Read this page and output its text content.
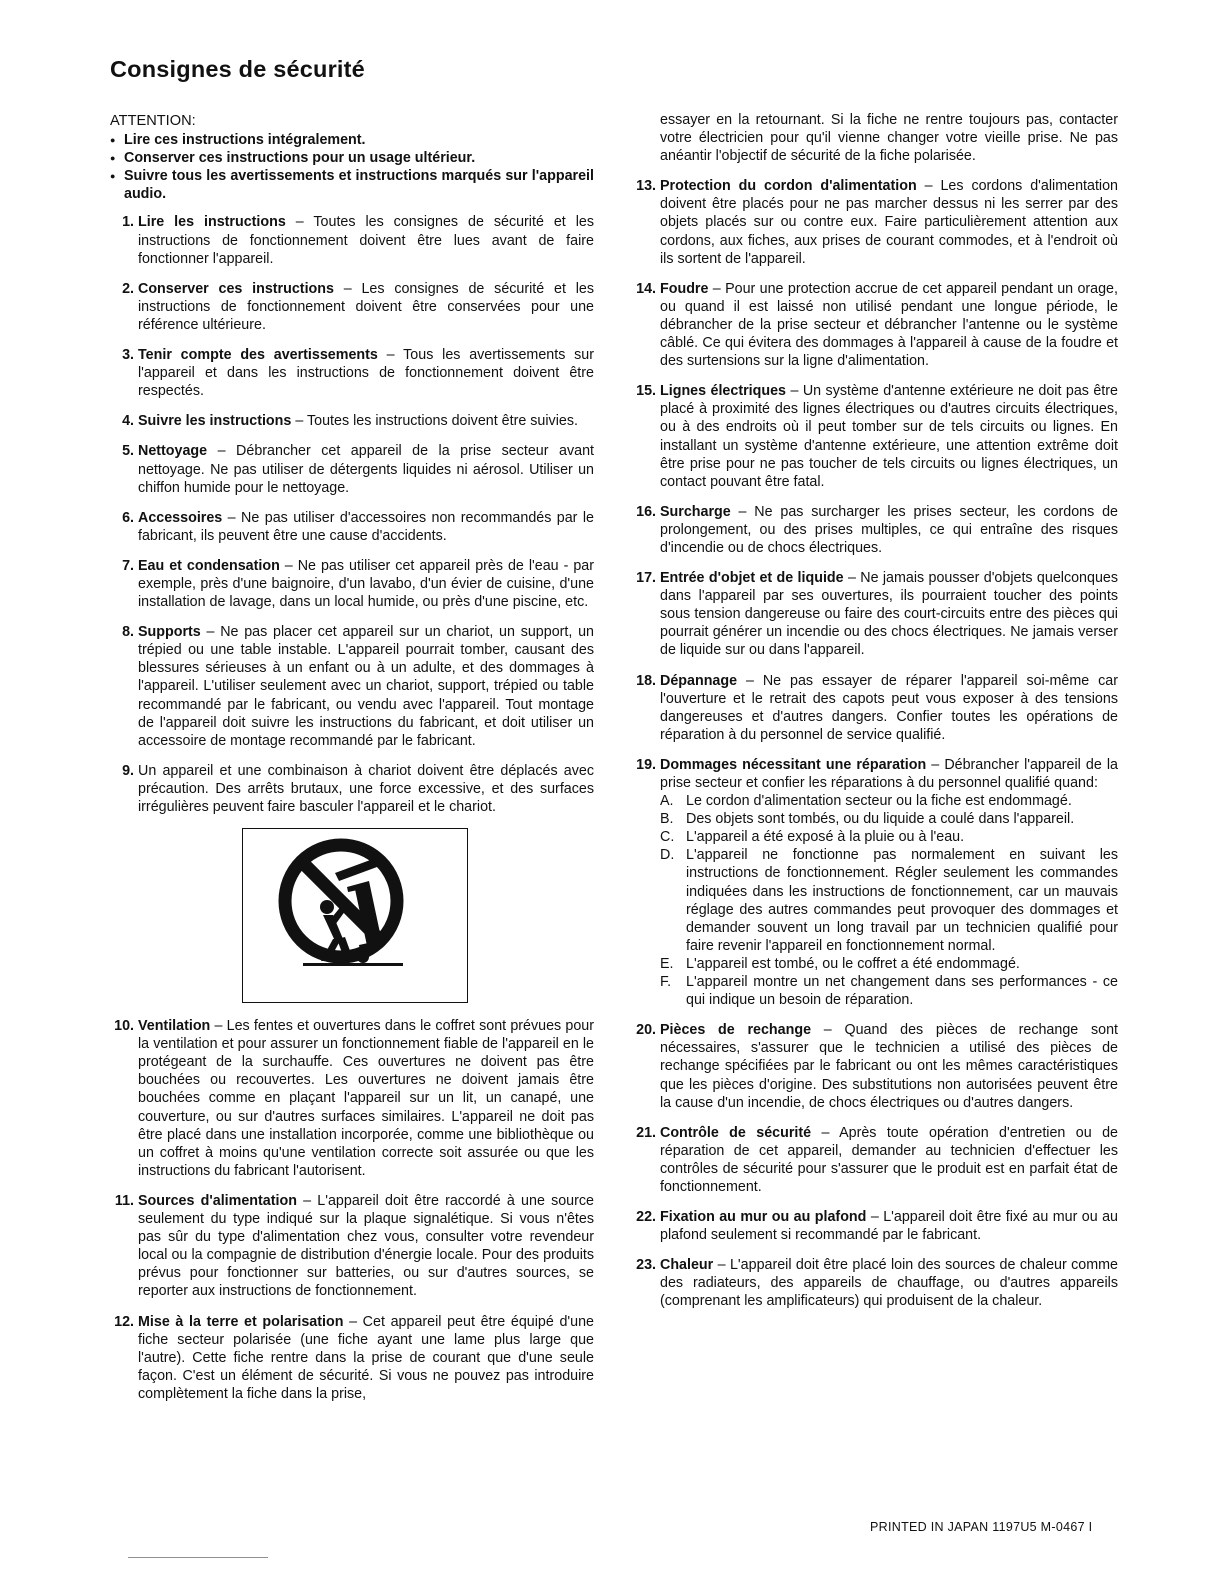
Consignes de sécurité
ATTENTION:
● Lire ces instructions intégralement.
● Conserver ces instructions pour un usage ultérieur.
● Suivre tous les avertissements et instructions marqués sur l'appareil audio.
1. Lire les instructions – Toutes les consignes de sécurité et les instructions de fonctionnement doivent être lues avant de faire fonctionner l'appareil.
2. Conserver ces instructions – Les consignes de sécurité et les instructions de fonctionnement doivent être conservées pour une référence ultérieure.
3. Tenir compte des avertissements – Tous les avertissements sur l'appareil et dans les instructions de fonctionnement doivent être respectés.
4. Suivre les instructions – Toutes les instructions doivent être suivies.
5. Nettoyage – Débrancher cet appareil de la prise secteur avant nettoyage. Ne pas utiliser de détergents liquides ni aérosol. Utiliser un chiffon humide pour le nettoyage.
6. Accessoires – Ne pas utiliser d'accessoires non recommandés par le fabricant, ils peuvent être une cause d'accidents.
7. Eau et condensation – Ne pas utiliser cet appareil près de l'eau - par exemple, près d'une baignoire, d'un lavabo, d'un évier de cuisine, d'une installation de lavage, dans un local humide, ou près d'une piscine, etc.
8. Supports – Ne pas placer cet appareil sur un chariot, un support, un trépied ou une table instable. L'appareil pourrait tomber, causant des blessures sérieuses à un enfant ou à un adulte, et des dommages à l'appareil. L'utiliser seulement avec un chariot, support, trépied ou table recommandé par le fabricant, ou vendu avec l'appareil. Tout montage de l'appareil doit suivre les instructions du fabricant, et doit utiliser un accessoire de montage recommandé par le fabricant.
9. Un appareil et une combinaison à chariot doivent être déplacés avec précaution. Des arrêts brutaux, une force excessive, et des surfaces irrégulières peuvent faire basculer l'appareil et le chariot.
10. Ventilation – Les fentes et ouvertures dans le coffret sont prévues pour la ventilation et pour assurer un fonctionnement fiable de l'appareil en le protégeant de la surchauffe. Ces ouvertures ne doivent pas être bouchées ou recouvertes. Les ouvertures ne doivent jamais être bouchées comme en plaçant l'appareil sur un lit, un canapé, une couverture, ou sur d'autres surfaces similaires. L'appareil ne doit pas être placé dans une installation incorporée, comme une bibliothèque ou un coffret à moins qu'une ventilation correcte soit assurée ou que les instructions du fabricant l'autorisent.
11. Sources d'alimentation – L'appareil doit être raccordé à une source seulement du type indiqué sur la plaque signalétique. Si vous n'êtes pas sûr du type d'alimentation chez vous, consulter votre revendeur local ou la compagnie de distribution d'énergie locale. Pour des produits prévus pour fonctionner sur batteries, ou sur d'autres sources, se reporter aux instructions de fonctionnement.
12. Mise à la terre et polarisation – Cet appareil peut être équipé d'une fiche secteur polarisée (une fiche ayant une lame plus large que l'autre). Cette fiche rentre dans la prise de courant que d'une seule façon. C'est un élément de sécurité. Si vous ne pouvez pas introduire complètement la fiche dans la prise,
essayer en la retournant. Si la fiche ne rentre toujours pas, contacter votre électricien pour qu'il vienne changer votre vieille prise. Ne pas anéantir l'objectif de sécurité de la fiche polarisée.
13. Protection du cordon d'alimentation – Les cordons d'alimentation doivent être placés pour ne pas marcher dessus ni les serrer par des objets placés sur ou contre eux. Faire particulièrement attention aux cordons, aux fiches, aux prises de courant commodes, et à l'endroit où ils sortent de l'appareil.
14. Foudre – Pour une protection accrue de cet appareil pendant un orage, ou quand il est laissé non utilisé pendant une longue période, le débrancher de la prise secteur et débrancher l'antenne ou le système câblé. Ce qui évitera des dommages à l'appareil à cause de la foudre et des surtensions sur la ligne d'alimentation.
15. Lignes électriques – Un système d'antenne extérieure ne doit pas être placé à proximité des lignes électriques ou d'autres circuits électriques, ou à des endroits où il peut tomber sur de tels circuits ou lignes. En installant un système d'antenne extérieure, une attention extrême doit être prise pour ne pas toucher de tels circuits ou lignes électriques, un contact pouvant être fatal.
16. Surcharge – Ne pas surcharger les prises secteur, les cordons de prolongement, ou des prises multiples, ce qui entraîne des risques d'incendie ou de chocs électriques.
17. Entrée d'objet et de liquide – Ne jamais pousser d'objets quelconques dans l'appareil par ses ouvertures, ils pourraient toucher des points sous tension dangereuse ou faire des court-circuits entre des pièces qui pourrait générer un incendie ou des chocs électriques. Ne jamais verser de liquide sur ou dans l'appareil.
18. Dépannage – Ne pas essayer de réparer l'appareil soi-même car l'ouverture et le retrait des capots peut vous exposer à des tensions dangereuses et d'autres dangers. Confier toutes les opérations de réparation à du personnel de service qualifié.
19. Dommages nécessitant une réparation – Débrancher l'appareil de la prise secteur et confier les réparations à du personnel qualifié quand:
A. Le cordon d'alimentation secteur ou la fiche est endommagé.
B. Des objets sont tombés, ou du liquide a coulé dans l'appareil.
C. L'appareil a été exposé à la pluie ou à l'eau.
D. L'appareil ne fonctionne pas normalement en suivant les instructions de fonctionnement. Régler seulement les commandes indiquées dans les instructions de fonctionnement, car un mauvais réglage des autres commandes peut provoquer des dommages et demander souvent un long travail par un technicien qualifié pour faire revenir l'appareil en fonctionnement normal.
E. L'appareil est tombé, ou le coffret a été endommagé.
F. L'appareil montre un net changement dans ses performances - ce qui indique un besoin de réparation.
20. Pièces de rechange – Quand des pièces de rechange sont nécessaires, s'assurer que le technicien a utilisé des pièces de rechange spécifiées par le fabricant ou ont les mêmes caractéristiques que les pièces d'origine. Des substitutions non autorisées peuvent être la cause d'un incendie, de chocs électriques ou d'autres dangers.
21. Contrôle de sécurité – Après toute opération d'entretien ou de réparation de cet appareil, demander au technicien d'effectuer les contrôles de sécurité pour s'assurer que le produit est en parfait état de fonctionnement.
22. Fixation au mur ou au plafond – L'appareil doit être fixé au mur ou au plafond seulement si recommandé par le fabricant.
23. Chaleur – L'appareil doit être placé loin des sources de chaleur comme des radiateurs, des appareils de chauffage, ou d'autres appareils (comprenant les amplificateurs) qui produisent de la chaleur.
PRINTED IN JAPAN 1197U5 M-0467 I
